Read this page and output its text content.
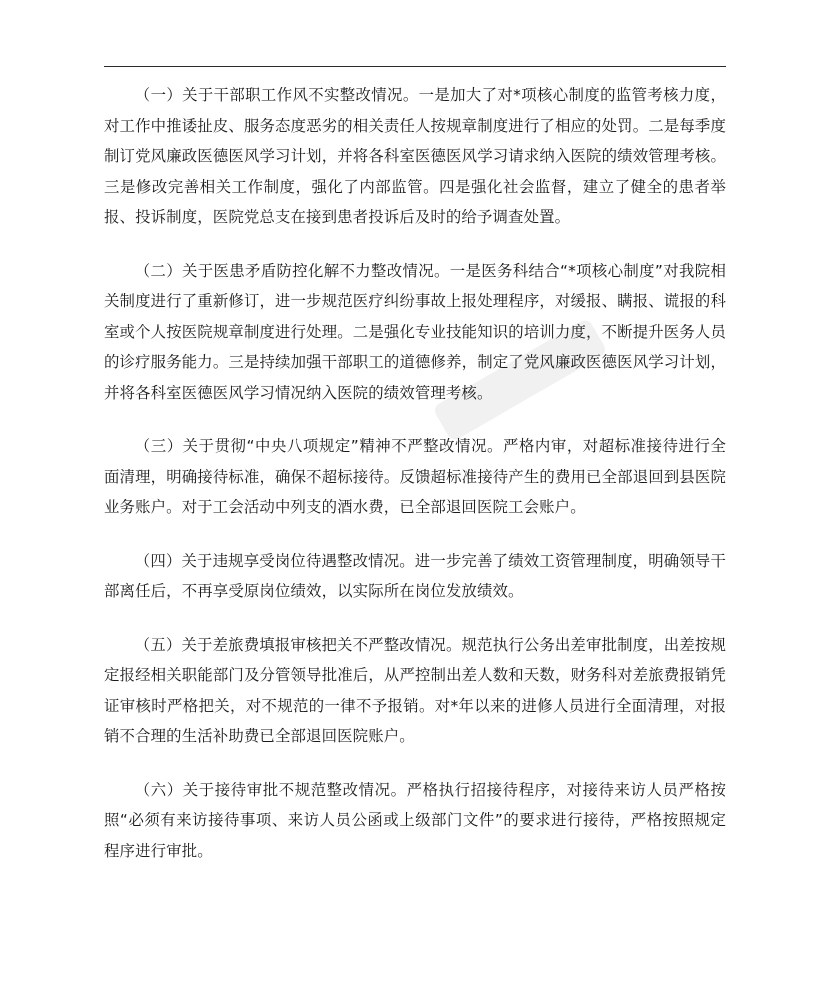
（一）关于干部职工作风不实整改情况。一是加大了对*项核心制度的监管考核力度，对工作中推诿扯皮、服务态度恶劣的相关责任人按规章制度进行了相应的处罚。二是每季度制订党风廉政医德医风学习计划，并将各科室医德医风学习请求纳入医院的绩效管理考核。三是修改完善相关工作制度，强化了内部监管。四是强化社会监督，建立了健全的患者举报、投诉制度，医院党总支在接到患者投诉后及时的给予调查处置。

（二）关于医患矛盾防控化解不力整改情况。一是医务科结合“*项核心制度”对我院相关制度进行了重新修订，进一步规范医疗纠纷事故上报处理程序，对缓报、瞒报、谎报的科室或个人按医院规章制度进行处理。二是强化专业技能知识的培训力度，不断提升医务人员的诊疗服务能力。三是持续加强干部职工的道德修养，制定了党风廉政医德医风学习计划，并将各科室医德医风学习情况纳入医院的绩效管理考核。

（三）关于贯彻“中央八项规定”精神不严整改情况。严格内审，对超标准接待进行全面清理，明确接待标准，确保不超标接待。反馈超标准接待产生的费用已全部退回到县医院业务账户。对于工会活动中列支的酒水费，已全部退回医院工会账户。

（四）关于违规享受岗位待遇整改情况。进一步完善了绩效工资管理制度，明确领导干部离任后，不再享受原岗位绩效，以实际所在岗位发放绩效。

（五）关于差旅费填报审核把关不严整改情况。规范执行公务出差审批制度，出差按规定报经相关职能部门及分管领导批准后，从严控制出差人数和天数，财务科对差旅费报销凭证审核时严格把关，对不规范的一律不予报销。对*年以来的进修人员进行全面清理，对报销不合理的生活补助费已全部退回医院账户。

（六）关于接待审批不规范整改情况。严格执行招接待程序，对接待来访人员严格按照“必须有来访接待事项、来访人员公函或上级部门文件”的要求进行接待，严格按照规定程序进行审批。
